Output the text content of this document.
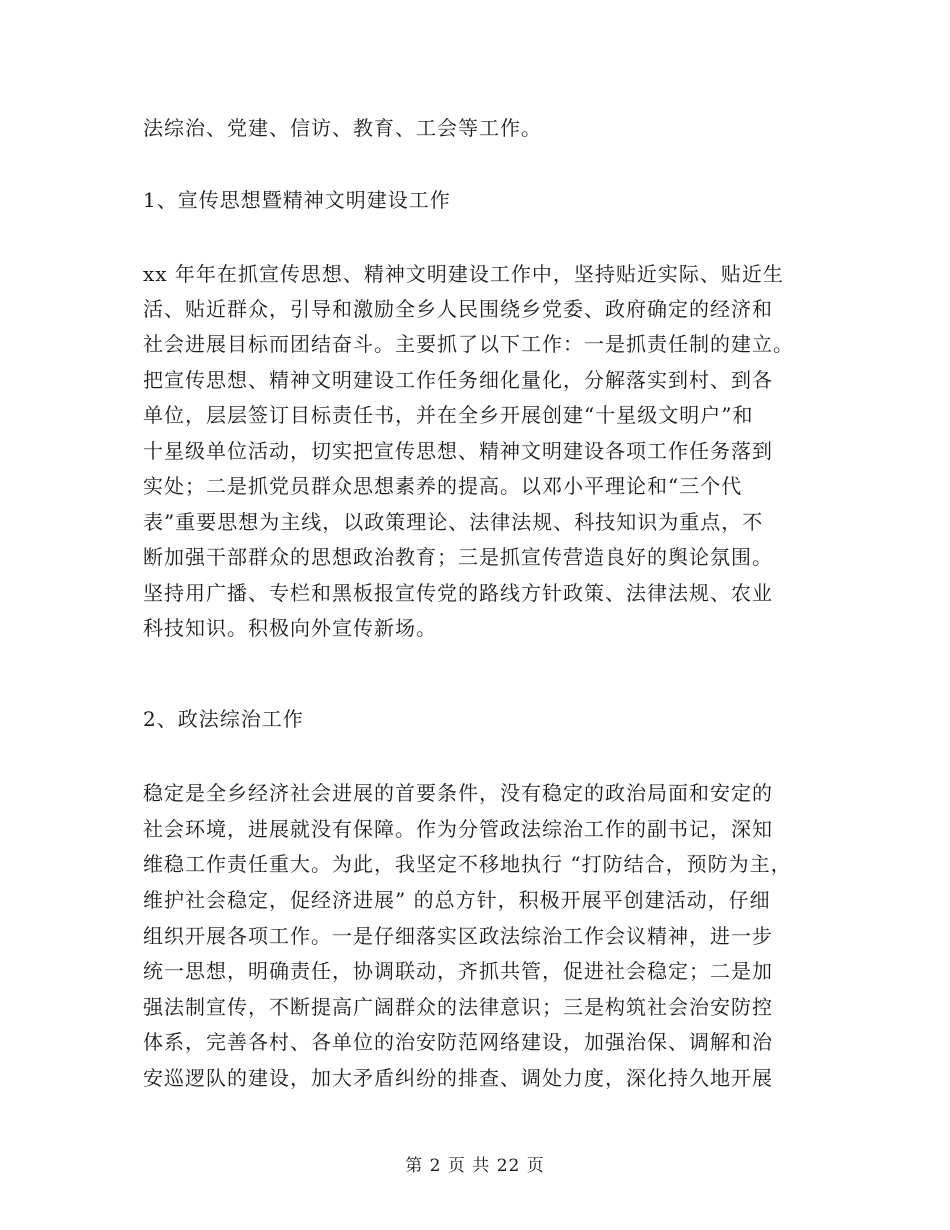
法综治、党建、信访、教育、工会等工作。
1、宣传思想暨精神文明建设工作
xx 年年在抓宣传思想、精神文明建设工作中，坚持贴近实际、贴近生
活、贴近群众，引导和激励全乡人民围绕乡党委、政府确定的经济和
社会进展目标而团结奋斗。主要抓了以下工作：一是抓责任制的建立。
把宣传思想、精神文明建设工作任务细化量化，分解落实到村、到各
单位，层层签订目标责任书，并在全乡开展创建“十星级文明户”和
十星级单位活动，切实把宣传思想、精神文明建设各项工作任务落到
实处；二是抓党员群众思想素养的提高。以邓小平理论和“三个代
表”重要思想为主线，以政策理论、法律法规、科技知识为重点，不
断加强干部群众的思想政治教育；三是抓宣传营造良好的舆论氛围。
坚持用广播、专栏和黑板报宣传党的路线方针政策、法律法规、农业
科技知识。积极向外宣传新场。
2、政法综治工作
稳定是全乡经济社会进展的首要条件，没有稳定的政治局面和安定的
社会环境，进展就没有保障。作为分管政法综治工作的副书记，深知
维稳工作责任重大。为此，我坚定不移地执行 “打防结合，预防为主，
维护社会稳定，促经济进展” 的总方针，积极开展平创建活动，仔细
组织开展各项工作。一是仔细落实区政法综治工作会议精神，进一步
统一思想，明确责任，协调联动，齐抓共管，促进社会稳定；二是加
强法制宣传，不断提高广阔群众的法律意识；三是构筑社会治安防控
体系，完善各村、各单位的治安防范网络建设，加强治保、调解和治
安巡逻队的建设，加大矛盾纠纷的排查、调处力度，深化持久地开展
第 2 页 共 22 页
